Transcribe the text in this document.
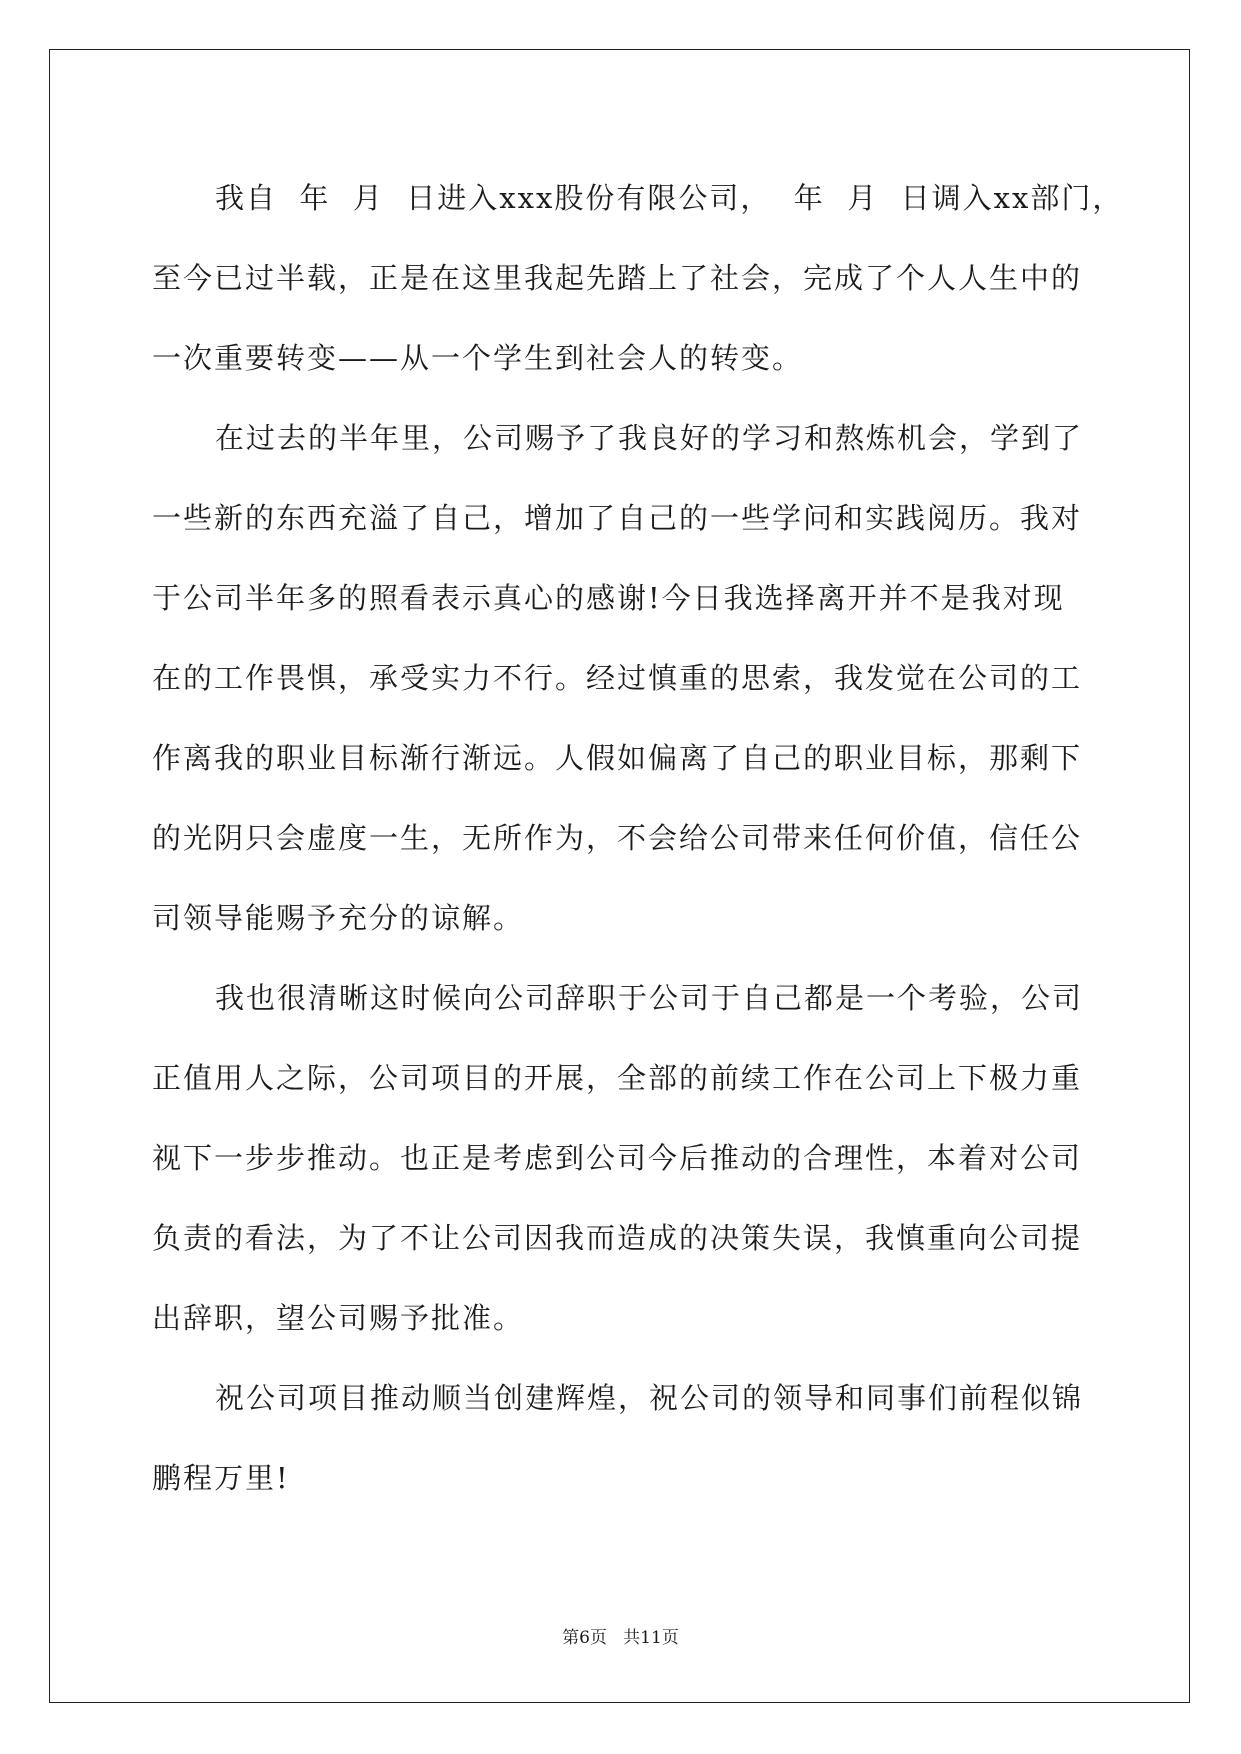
我自  年  月  日进入xxx股份有限公司，  年  月  日调入xx部门，
至今已过半载，正是在这里我起先踏上了社会，完成了个人人生中的
一次重要转变——从一个学生到社会人的转变。
在过去的半年里，公司赐予了我良好的学习和熬炼机会，学到了
一些新的东西充溢了自己，增加了自己的一些学问和实践阅历。我对
于公司半年多的照看表示真心的感谢!今日我选择离开并不是我对现
在的工作畏惧，承受实力不行。经过慎重的思索，我发觉在公司的工
作离我的职业目标渐行渐远。人假如偏离了自己的职业目标，那剩下
的光阴只会虚度一生，无所作为，不会给公司带来任何价值，信任公
司领导能赐予充分的谅解。
我也很清晰这时候向公司辞职于公司于自己都是一个考验，公司
正值用人之际，公司项目的开展，全部的前续工作在公司上下极力重
视下一步步推动。也正是考虑到公司今后推动的合理性，本着对公司
负责的看法，为了不让公司因我而造成的决策失误，我慎重向公司提
出辞职，望公司赐予批准。
祝公司项目推动顺当创建辉煌，祝公司的领导和同事们前程似锦
鹏程万里!
第6页   共11页
